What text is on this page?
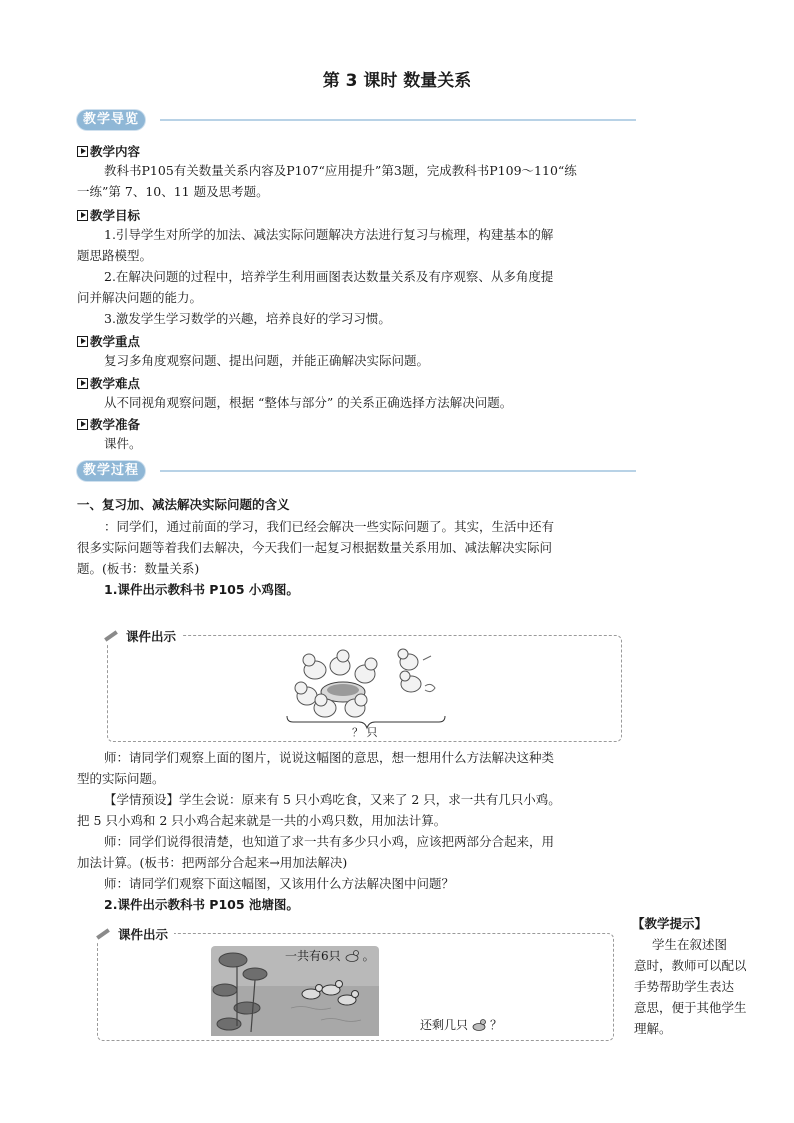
第 3 课时 数量关系
教学导览
教学内容
教科书P105有关数量关系内容及P107“应用提升”第3题，完成教科书P109～110“练
一练”第 7、10、11 题及思考题。
教学目标
1.引导学生对所学的加法、减法实际问题解决方法进行复习与梳理，构建基本的解
题思路模型。
2.在解决问题的过程中，培养学生利用画图表达数量关系及有序观察、从多角度提
问并解决问题的能力。
3.激发学生学习数学的兴趣，培养良好的学习习惯。
教学重点
复习多角度观察问题、提出问题，并能正确解决实际问题。
教学难点
从不同视角观察问题，根据 “整体与部分” 的关系正确选择方法解决问题。
教学准备
课件。
教学过程
一、复习加、减法解决实际问题的含义
：同学们，通过前面的学习，我们已经会解决一些实际问题了。其实，生活中还有
很多实际问题等着我们去解决，今天我们一起复习根据数量关系用加、减法解决实际问
题。(板书：数量关系)
1.课件出示教科书 P105 小鸡图。
课件出示
？ 只
师：请同学们观察上面的图片，说说这幅图的意思，想一想用什么方法解决这种类
型的实际问题。
【学情预设】学生会说：原来有 5 只小鸡吃食，又来了 2 只，求一共有几只小鸡。
把 5 只小鸡和 2 只小鸡合起来就是一共的小鸡只数，用加法计算。
师：同学们说得很清楚，也知道了求一共有多少只小鸡，应该把两部分合起来，用
加法计算。(板书：把两部分合起来→用加法解决)
师：请同学们观察下面这幅图，又该用什么方法解决图中问题？
2.课件出示教科书 P105 池塘图。
课件出示
一共有6只 。
还剩几只 ？
【教学提示】
学生在叙述图
意时，教师可以配以
手势帮助学生表达
意思，便于其他学生
理解。
